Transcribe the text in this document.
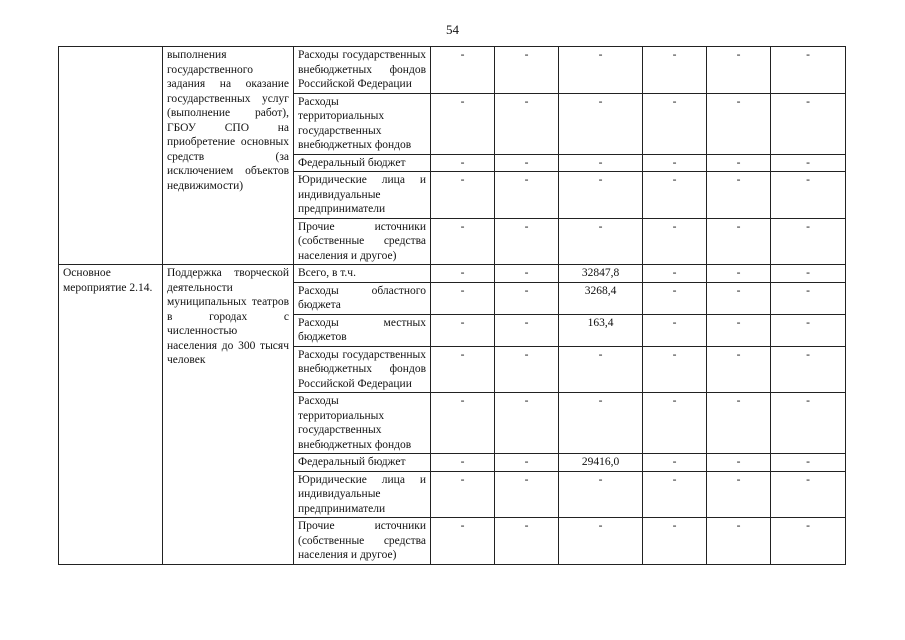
54
	выполнения государственного задания на оказание государственных услуг (выполнение работ), ГБОУ СПО на приобретение основных средств (за исключением объектов недвижимости)	Расходы государственных внебюджетных фондов Российской Федерации	-	-	-	-	-	-
		Расходы территориальных государственных внебюджетных фондов	-	-	-	-	-	-
		Федеральный бюджет	-	-	-	-	-	-
		Юридические лица и индивидуальные предприниматели	-	-	-	-	-	-
		Прочие источники (собственные средства населения и другое)	-	-	-	-	-	-
Основное мероприятие 2.14.	Поддержка творческой деятельности муниципальных театров в городах с численностью населения до 300 тысяч человек	Всего, в т.ч.	-	-	32847,8	-	-	-
		Расходы областного бюджета	-	-	3268,4	-	-	-
		Расходы местных бюджетов	-	-	163,4	-	-	-
		Расходы государственных внебюджетных фондов Российской Федерации	-	-	-	-	-	-
		Расходы территориальных государственных внебюджетных фондов	-	-	-	-	-	-
		Федеральный бюджет	-	-	29416,0	-	-	-
		Юридические лица и индивидуальные предприниматели	-	-	-	-	-	-
		Прочие источники (собственные средства населения и другое)	-	-	-	-	-	-
